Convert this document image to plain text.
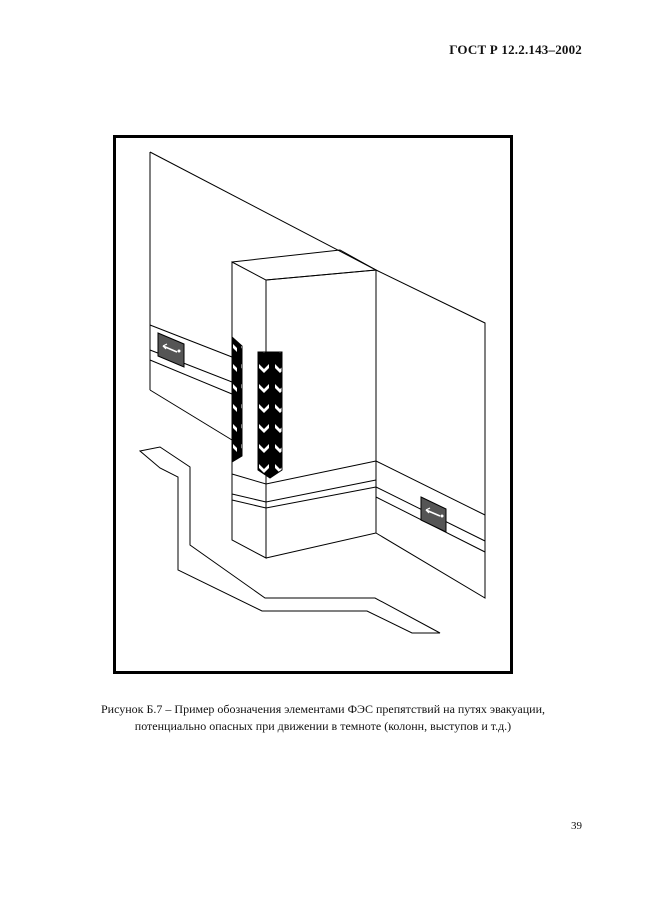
ГОСТ Р 12.2.143–2002
Рисунок Б.7 – Пример обозначения элементами ФЭС препятствий на путях эвакуации,
потенциально опасных при движении в темноте (колонн, выступов и т.д.)
39
